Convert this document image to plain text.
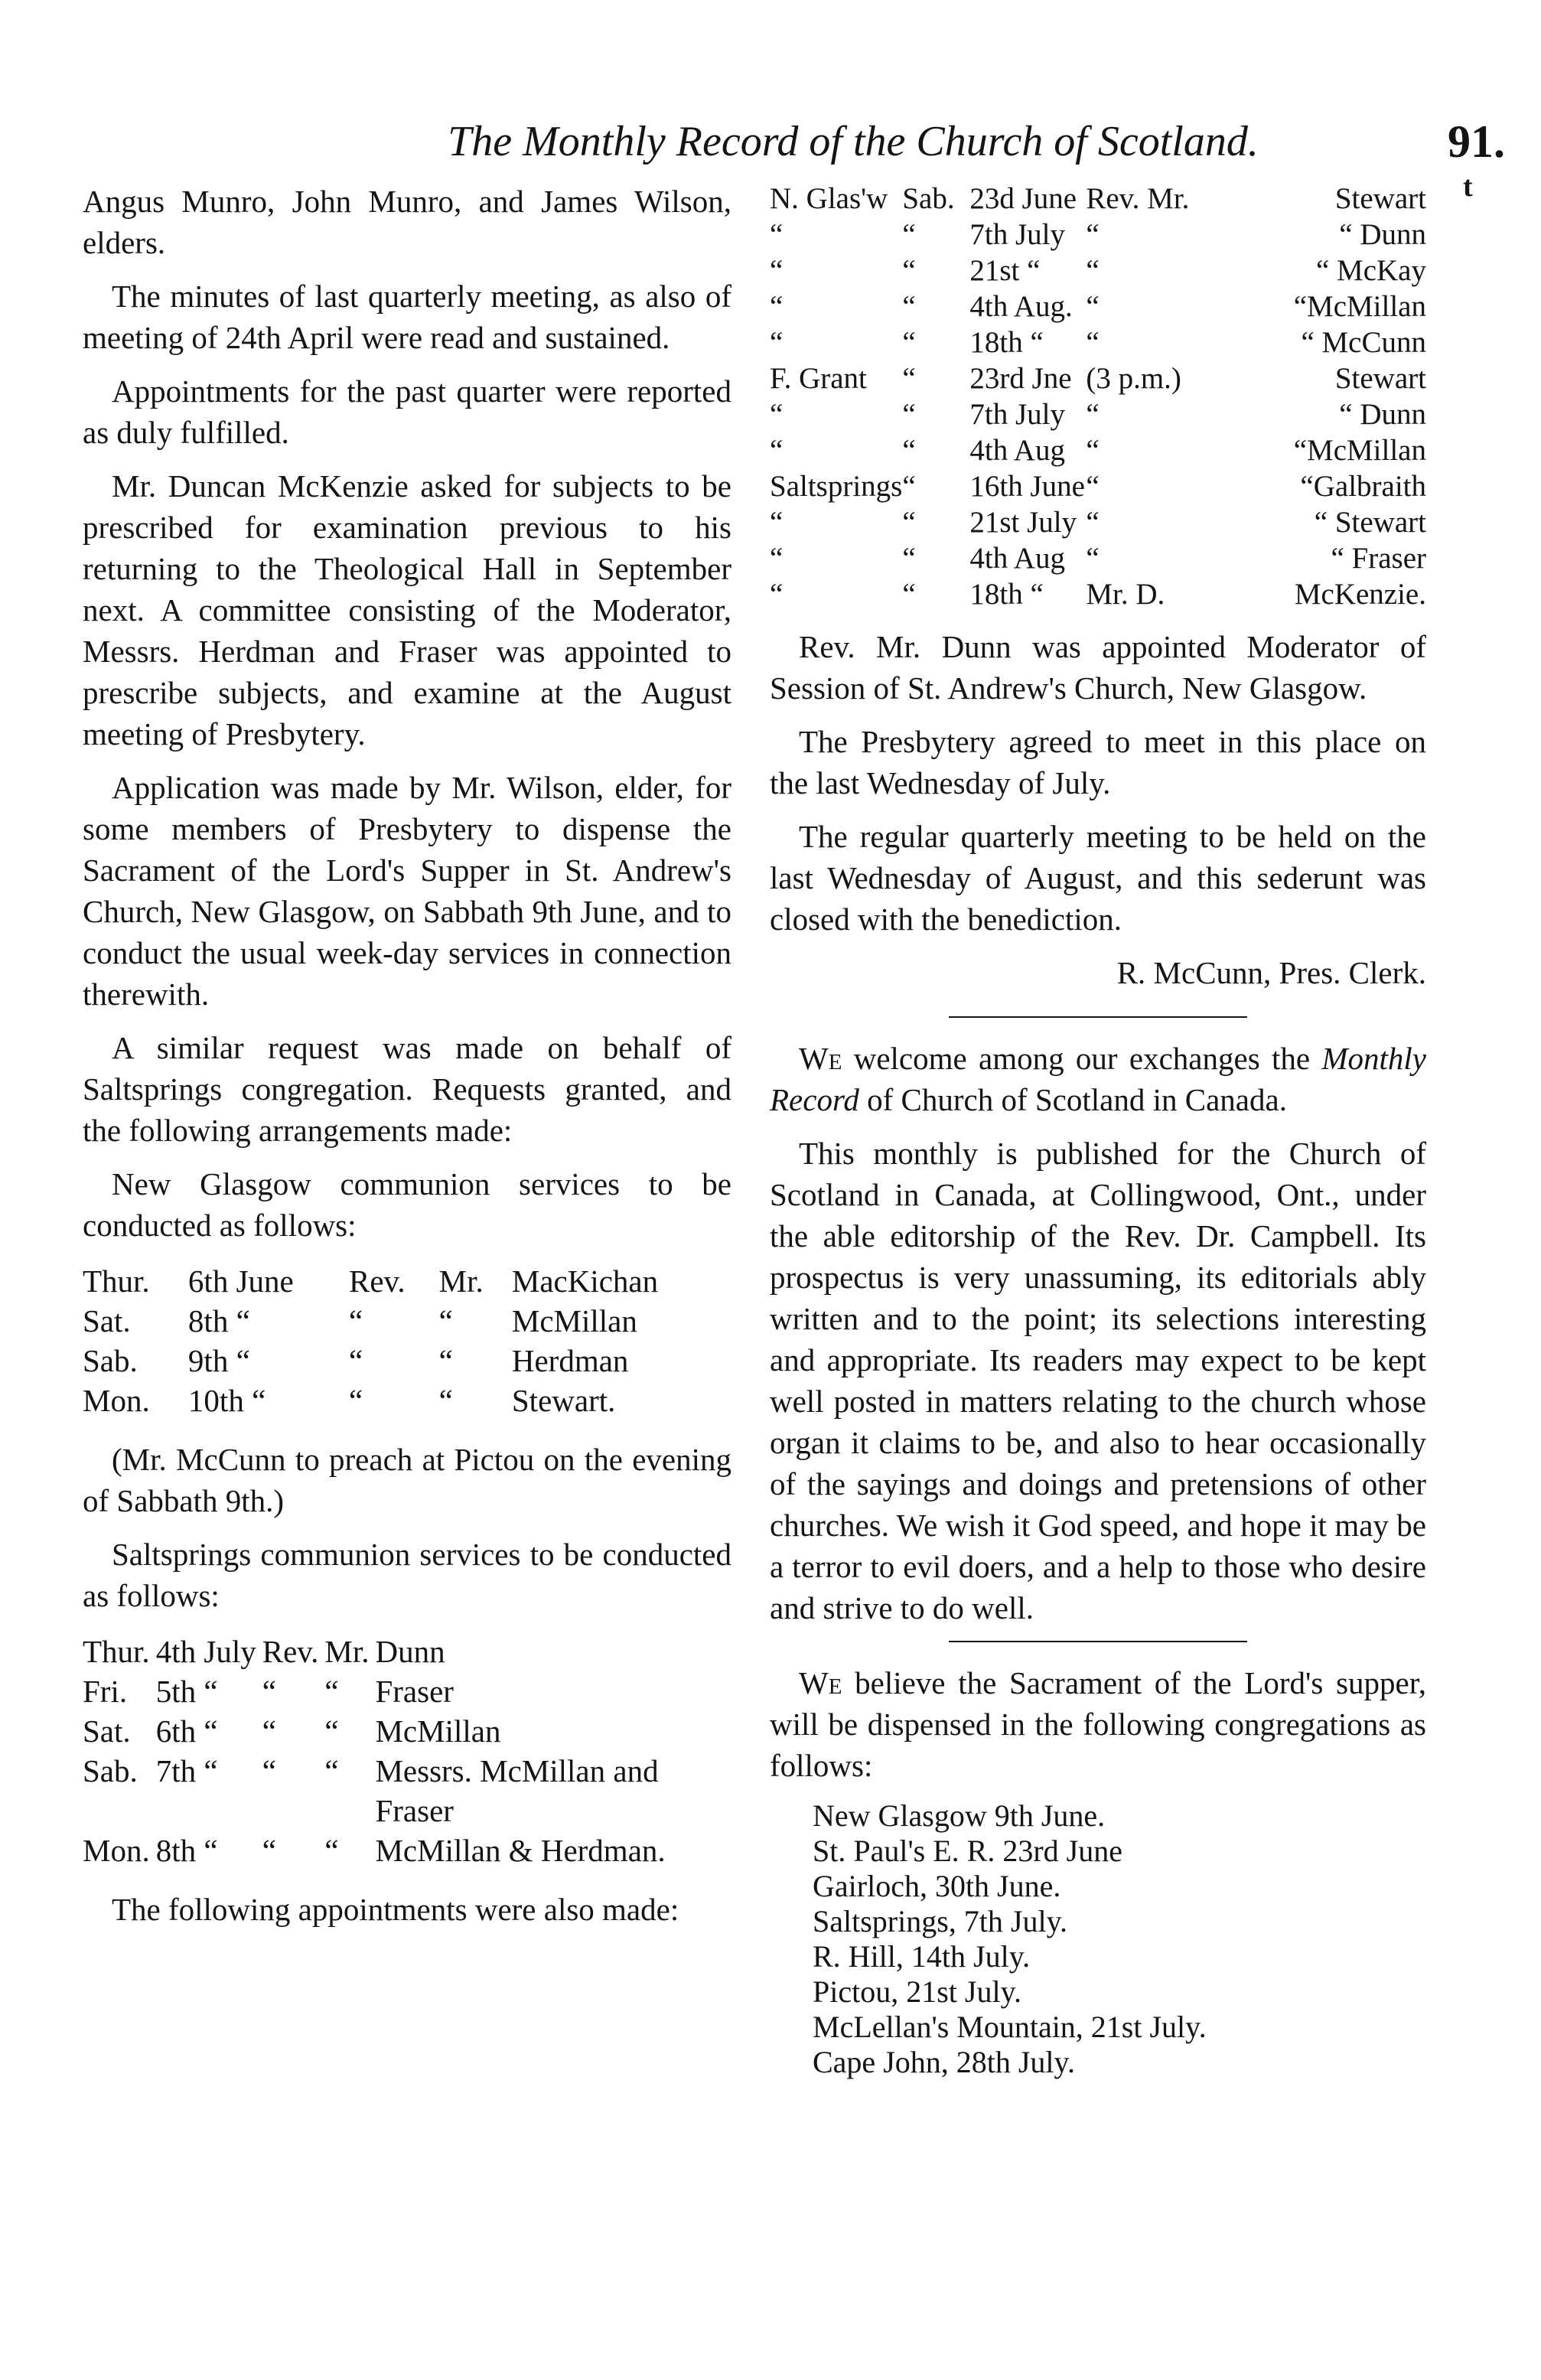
The Monthly Record of the Church of Scotland.	91.
t

Angus Munro, John Munro, and James Wilson, elders.

The minutes of last quarterly meeting, as also of meeting of 24th April were read and sustained.

Appointments for the past quarter were reported as duly fulfilled.

Mr. Duncan McKenzie asked for subjects to be prescribed for examination previous to his returning to the Theological Hall in September next. A committee consisting of the Moderator, Messrs. Herdman and Fraser was appointed to prescribe subjects, and examine at the August meeting of Presbytery.

Application was made by Mr. Wilson, elder, for some members of Presbytery to dispense the Sacrament of the Lord's Supper in St. Andrew's Church, New Glasgow, on Sabbath 9th June, and to conduct the usual week-day services in connection therewith.

A similar request was made on behalf of Saltsprings congregation. Requests granted, and the following arrangements made:

New Glasgow communion services to be conducted as follows:

Thur.	6th June	Rev.	Mr.	MacKichan
Sat.	8th “	“	“	McMillan
Sab.	9th “	“	“	Herdman
Mon.	10th “	“	“	Stewart.

(Mr. McCunn to preach at Pictou on the evening of Sabbath 9th.)

Saltsprings communion services to be conducted as follows:

Thur.	4th July	Rev.	Mr.	Dunn
Fri.	5th “	“	“	Fraser
Sat.	6th “	“	“	McMillan
Sab.	7th “	“	“	Messrs. McMillan and Fraser
Mon.	8th “	“	“	McMillan & Herdman.

The following appointments were also made:

N. Glas'w	Sab.	23d June	Rev. Mr.	Stewart
“	“	7th July	“	“ Dunn
“	“	21st “	“	“ McKay
“	“	4th Aug.	“	“McMillan
“	“	18th “	“	“ McCunn
F. Grant	“	23rd Jne	(3 p.m.)	Stewart
“	“	7th July	“	“ Dunn
“	“	4th Aug	“	“McMillan
Saltsprings	“	16th June	“	“Galbraith
“	“	21st July	“	“ Stewart
“	“	4th Aug	“	“ Fraser
“	“	18th “	Mr. D.	McKenzie.

Rev. Mr. Dunn was appointed Moderator of Session of St. Andrew's Church, New Glasgow.

The Presbytery agreed to meet in this place on the last Wednesday of July.

The regular quarterly meeting to be held on the last Wednesday of August, and this sederunt was closed with the benediction.

R. McCunn, Pres. Clerk.

We welcome among our exchanges the Monthly Record of Church of Scotland in Canada.

This monthly is published for the Church of Scotland in Canada, at Collingwood, Ont., under the able editorship of the Rev. Dr. Campbell. Its prospectus is very unassuming, its editorials ably written and to the point; its selections interesting and appropriate. Its readers may expect to be kept well posted in matters relating to the church whose organ it claims to be, and also to hear occasionally of the sayings and doings and pretensions of other churches. We wish it God speed, and hope it may be a terror to evil doers, and a help to those who desire and strive to do well.

We believe the Sacrament of the Lord's supper, will be dispensed in the following congregations as follows:

New Glasgow 9th June.
St. Paul's E. R. 23rd June
Gairloch, 30th June.
Saltsprings, 7th July.
R. Hill, 14th July.
Pictou, 21st July.
McLellan's Mountain, 21st July.
Cape John, 28th July.
